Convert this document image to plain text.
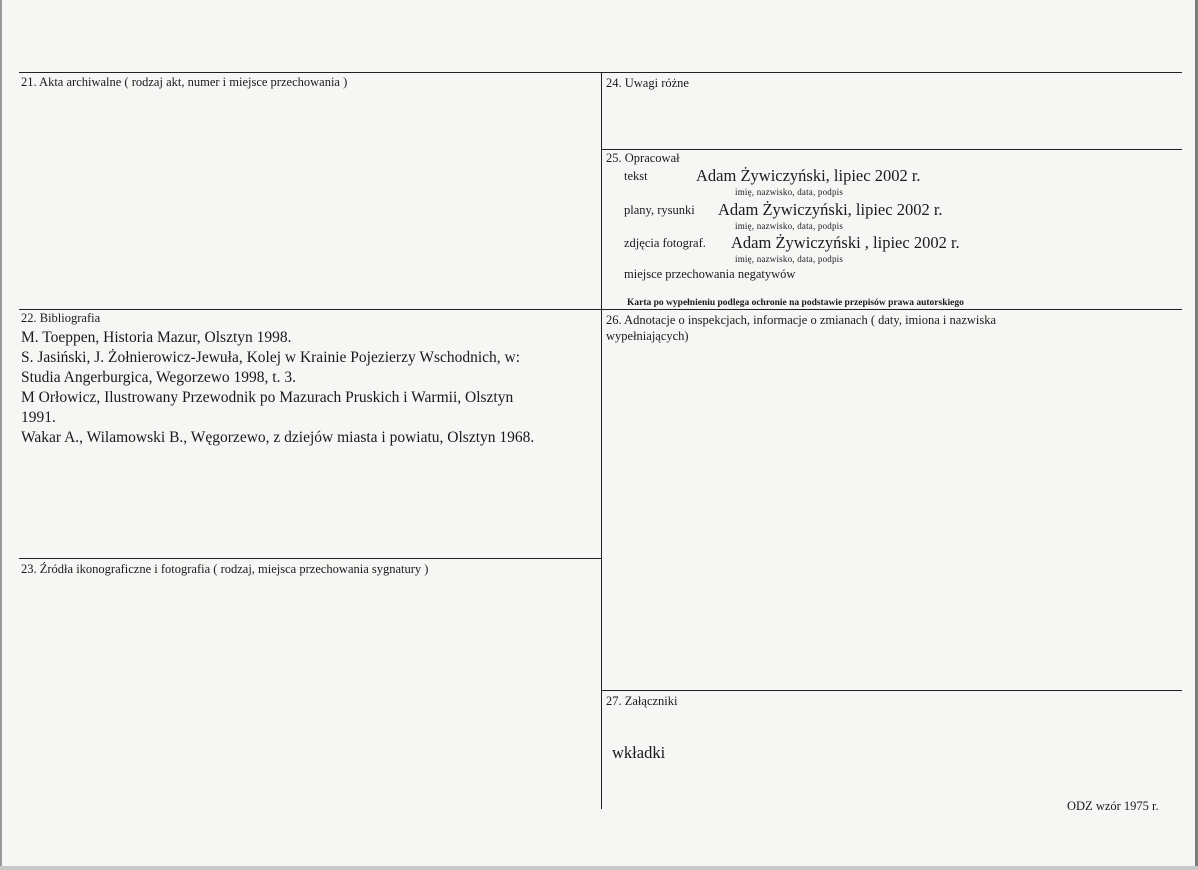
21. Akta archiwalne ( rodzaj akt, numer i miejsce przechowania )
22. Bibliografia
M. Toeppen, Historia Mazur, Olsztyn 1998.
S. Jasiński, J. Żołnierowicz-Jewuła, Kolej w Krainie Pojezierzy Wschodnich, w:
Studia Angerburgica, Wegorzewo 1998, t. 3.
M Orłowicz, Ilustrowany Przewodnik po Mazurach Pruskich i Warmii, Olsztyn
1991.
Wakar A., Wilamowski B., Węgorzewo, z dziejów miasta i powiatu, Olsztyn 1968.
23. Źródła ikonograficzne i fotografia ( rodzaj, miejsca przechowania sygnatury )
24. Uwagi różne
25. Opracował
tekst	Adam Żywiczyński, lipiec 2002 r.
imię, nazwisko, data, podpis
plany, rysunki Adam Żywiczyński, lipiec 2002 r.
imię, nazwisko, data, podpis
zdjęcia fotograf. Adam Żywiczyński , lipiec 2002 r.
imię, nazwisko, data, podpis
miejsce przechowania negatywów
Karta po wypełnieniu podlega ochronie na podstawie przepisów prawa autorskiego
26. Adnotacje o inspekcjach, informacje o zmianach ( daty, imiona i nazwiska
wypełniających)
27. Załączniki
wkładki
ODZ wzór 1975 r.
